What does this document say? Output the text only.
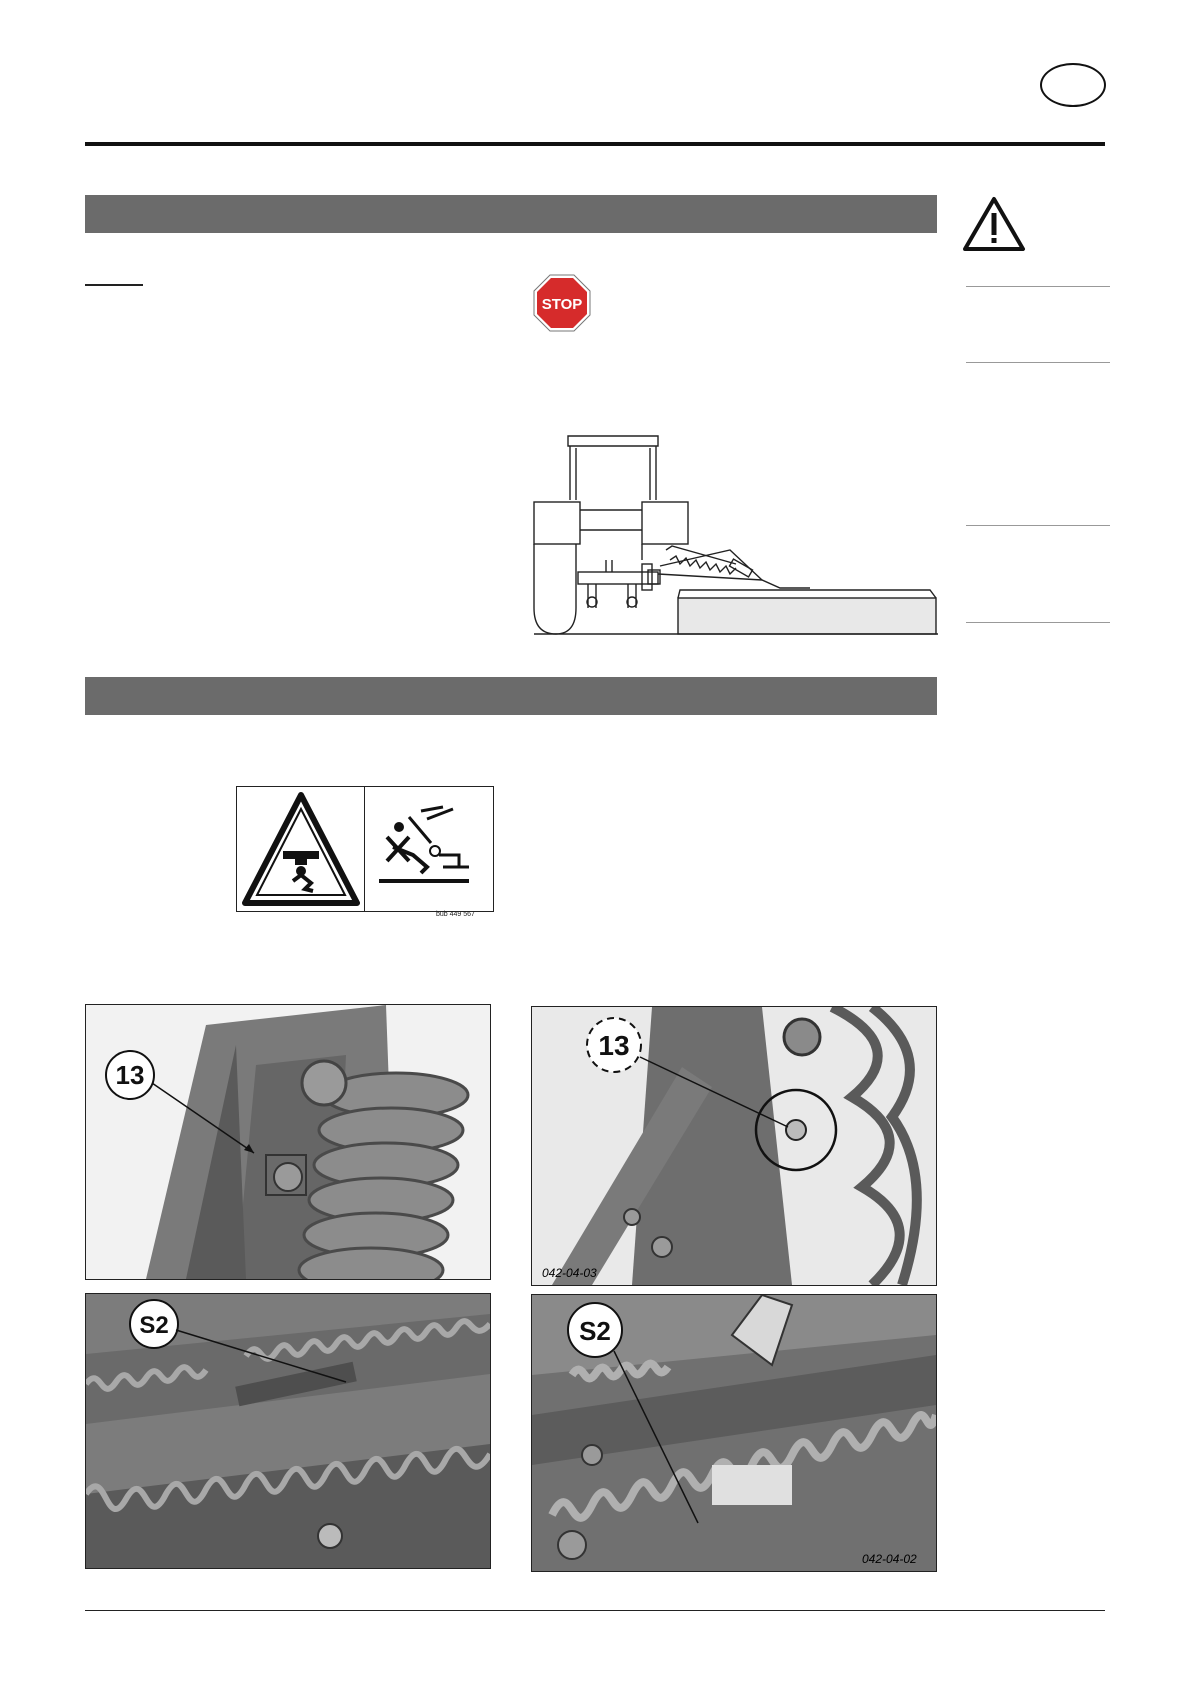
STOP
bub 449 567
13
13
042-04-03
S2	S2
042-04-02
